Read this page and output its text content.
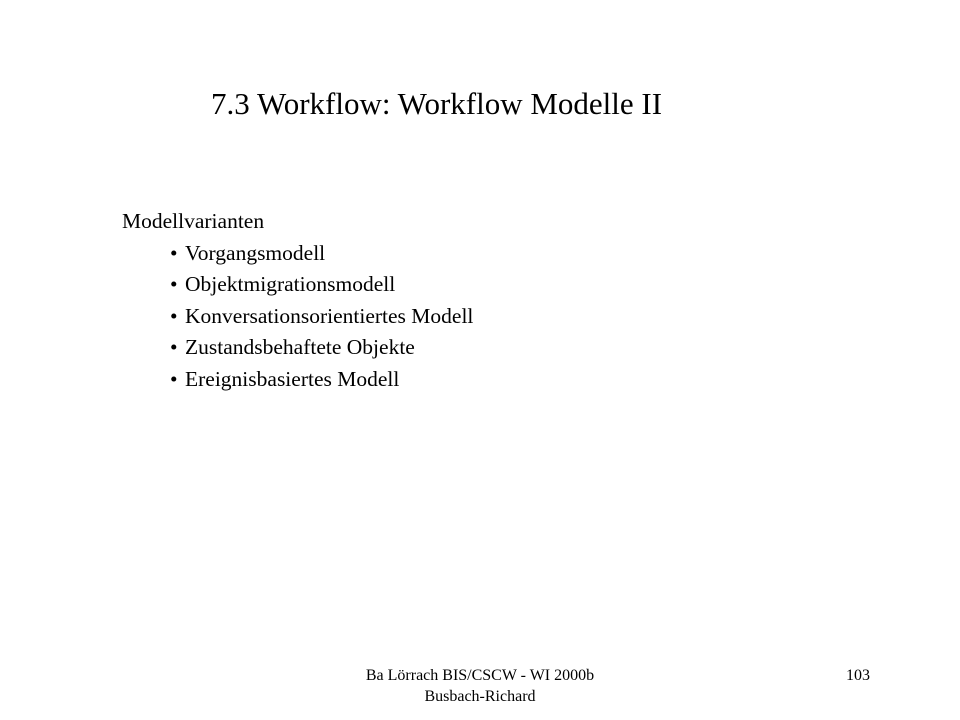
7.3 Workflow: Workflow Modelle II
Modellvarianten
• Vorgangsmodell
• Objektmigrationsmodell
• Konversationsorientiertes Modell
• Zustandsbehaftete Objekte
• Ereignisbasiertes Modell
Ba Lörrach BIS/CSCW - WI 2000b
Busbach-Richard
103
